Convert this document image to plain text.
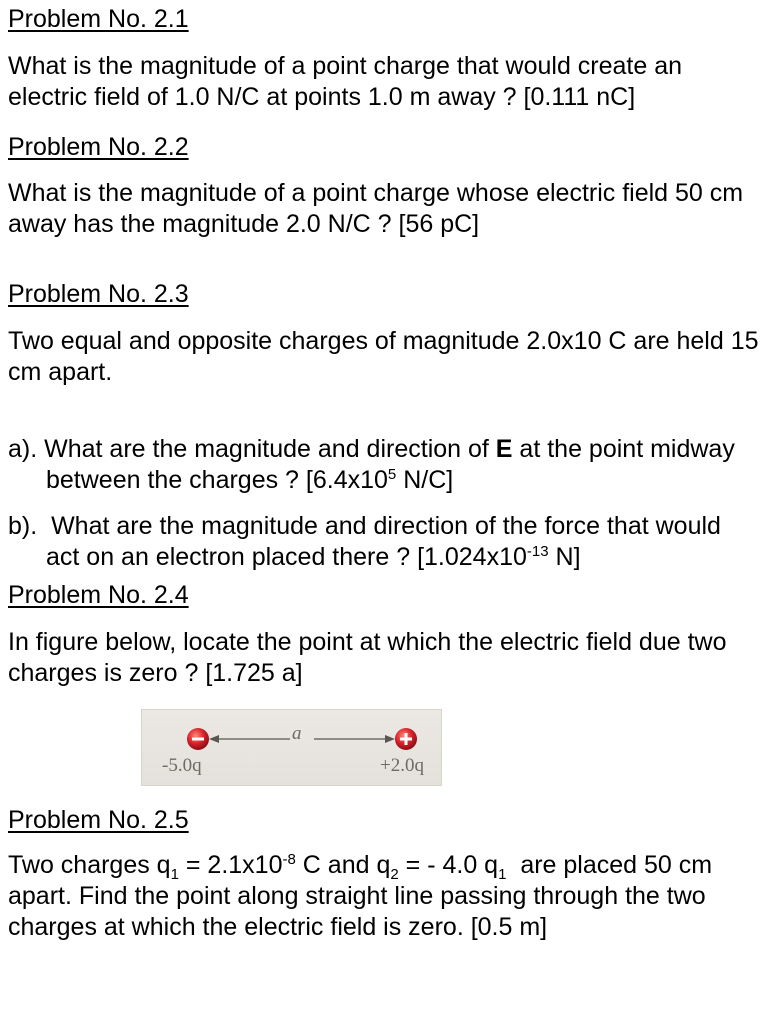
Problem No. 2.1

What is the magnitude of a point charge that would create an electric field of 1.0 N/C at points 1.0 m away ? [0.111 nC]

Problem No. 2.2

What is the magnitude of a point charge whose electric field 50 cm away has the magnitude 2.0 N/C ? [56 pC]

Problem No. 2.3

Two equal and opposite charges of magnitude 2.0x10 C are held 15 cm apart.

a). What are the magnitude and direction of E at the point midway between the charges ? [$6.4x10^5$ N/C]

b).  What are the magnitude and direction of the force that would act on an electron placed there ? [$1.024x10^{-13}$ N]

Problem No. 2.4

In figure below, locate the point at which the electric field due two charges is zero ? [1.725 a]

a
-5.0q	+2.0q

Problem No. 2.5

Two charges $q_1 = 2.1x10^{-8}$ C and $q_2$ = - 4.0 $q_1$  are placed 50 cm apart. Find the point along straight line passing through the two charges at which the electric field is zero. [0.5 m]
